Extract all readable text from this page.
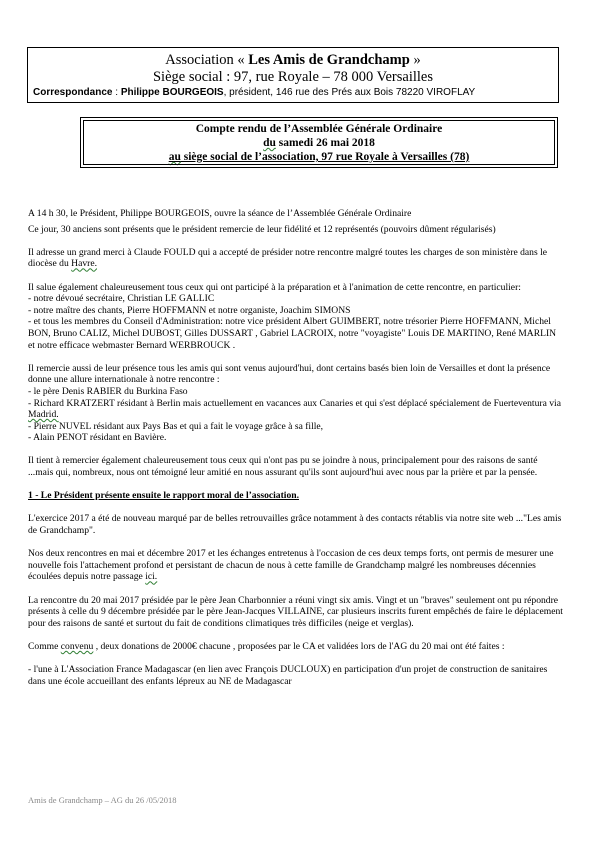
Association « Les Amis de Grandchamp »
Siège social : 97, rue Royale – 78 000 Versailles
Correspondance : Philippe BOURGEOIS, président, 146 rue des Prés aux Bois 78220 VIROFLAY
Compte rendu de l’Assemblée Générale Ordinaire
du samedi 26 mai 2018
au siège social de l’association, 97 rue Royale à Versailles (78)

A 14 h 30, le Président, Philippe BOURGEOIS, ouvre la séance de l’Assemblée Générale Ordinaire

Ce jour, 30 anciens sont présents que le président remercie de leur fidélité et 12 représentés (pouvoirs dûment régularisés)

Il adresse un grand merci à Claude FOULD qui a accepté de présider notre rencontre malgré toutes les charges de son ministère dans le diocèse du Havre.

Il salue également chaleureusement tous ceux qui ont participé à la préparation et à l'animation de cette rencontre, en particulier:
- notre dévoué secrétaire, Christian LE GALLIC
- notre maître des chants, Pierre HOFFMANN et notre organiste, Joachim SIMONS
- et tous les membres du Conseil d'Administration: notre vice président Albert GUIMBERT, notre trésorier Pierre HOFFMANN, Michel BON, Bruno CALIZ, Michel DUBOST, Gilles DUSSART , Gabriel LACROIX, notre "voyagiste" Louis DE MARTINO, René MARLIN et notre efficace webmaster Bernard WERBROUCK .

Il remercie aussi de leur présence tous les amis qui sont venus aujourd'hui, dont certains basés bien loin de Versailles et dont la présence donne une allure internationale à notre rencontre :
- le père Denis RABIER du Burkina Faso
- Richard KRATZERT résidant à Berlin mais actuellement en vacances aux Canaries et qui s'est déplacé spécialement de Fuerteventura via Madrid.
- Pierre NUVEL résidant aux Pays Bas et qui a fait le voyage grâce à sa fille,
- Alain PENOT résidant en Bavière.

Il tient à remercier également chaleureusement tous ceux qui n'ont pas pu se joindre à nous, principalement pour des raisons de santé ...mais qui, nombreux, nous ont témoigné leur amitié en nous assurant qu'ils sont aujourd'hui avec nous par la prière et par la pensée.

1 - Le Président présente ensuite le rapport moral de l’association.

L'exercice 2017 a été de nouveau marqué par de belles retrouvailles grâce notamment à des contacts rétablis via notre site web ..."Les amis de Grandchamp".

Nos deux rencontres en mai et décembre 2017 et les échanges entretenus à l'occasion de ces deux temps forts, ont permis de mesurer une nouvelle fois l'attachement profond et persistant de chacun de nous à cette famille de Grandchamp malgré les nombreuses décennies écoulées depuis notre passage ici.

La rencontre du 20 mai 2017 présidée par le père Jean Charbonnier a réuni vingt six amis. Vingt et un "braves" seulement ont pu répondre présents à celle du 9 décembre présidée par le père Jean-Jacques VILLAINE, car plusieurs inscrits furent empêchés de faire le déplacement pour des raisons de santé et surtout du fait de conditions climatiques très difficiles (neige et verglas).

Comme convenu , deux donations de 2000€ chacune , proposées par le CA et validées lors de l'AG du 20 mai ont été faites :

- l'une à L'Association France Madagascar (en lien avec François DUCLOUX) en participation d'un projet de construction de sanitaires dans une école accueillant des enfants lépreux au NE de Madagascar

Amis de Grandchamp – AG du 26 /05/2018
